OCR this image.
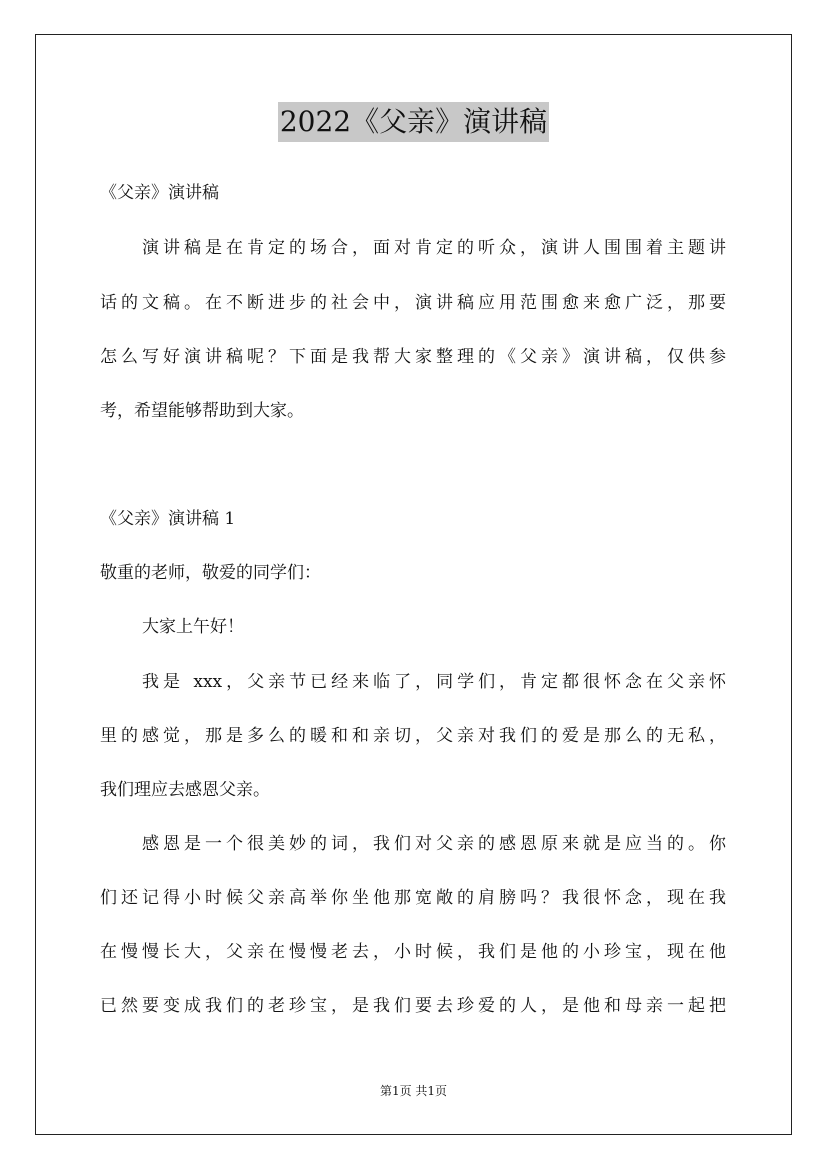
2022《父亲》演讲稿
《父亲》演讲稿
演讲稿是在肯定的场合，面对肯定的听众，演讲人围围着主题讲
话的文稿。在不断进步的社会中，演讲稿应用范围愈来愈广泛，那要
怎么写好演讲稿呢？下面是我帮大家整理的《父亲》演讲稿，仅供参
考，希望能够帮助到大家。
《父亲》演讲稿 1
敬重的老师，敬爱的同学们：
大家上午好！
我是 xxx，父亲节已经来临了，同学们，肯定都很怀念在父亲怀
里的感觉，那是多么的暖和和亲切，父亲对我们的爱是那么的无私，
我们理应去感恩父亲。
感恩是一个很美妙的词，我们对父亲的感恩原来就是应当的。你
们还记得小时候父亲高举你坐他那宽敞的肩膀吗？我很怀念，现在我
在慢慢长大，父亲在慢慢老去，小时候，我们是他的小珍宝，现在他
已然要变成我们的老珍宝，是我们要去珍爱的人，是他和母亲一起把
第1页 共1页
